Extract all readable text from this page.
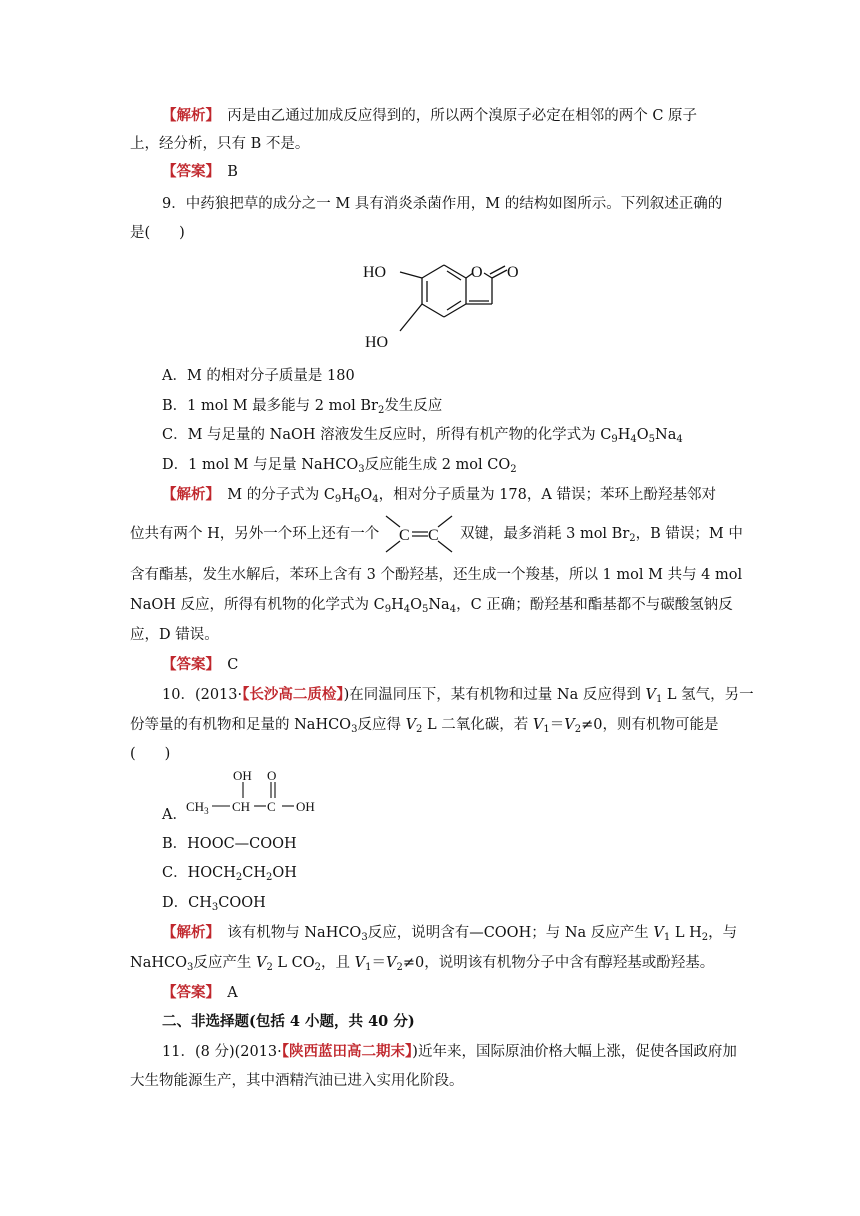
【 解析 】　 丙是由乙通过加成反应得到的，所以两个溴原子必定在相邻的两个 C 原子
上，经分析，只有 B 不是。
【 答案 】　 B
9．中药狼把草的成分之一 M 具有消炎杀菌作用，M 的结构如图所示。下列叙述正确的
是(　　)
HO
HO
O O
A．M 的相对分子质量是 180
B．1 mol M 最多能与 2 mol $Br_2$发生反应
C．M 与足量的 NaOH 溶液发生反应时，所得有机产物的化学式为 $C_9H_4O_5Na_4$
D．1 mol M 与足量 NaHCO$_3$反应能生成 2 mol $CO_2$
【 解析 】　 M 的分子式为 $C_9H_6O_4$，相对分子质量为 178，A 错误；苯环上酚羟基邻对
位共有两个 H，另外一个环上还有一个 C C 双键，最多消耗 3 mol $Br_2$，B 错误；M 中
含有酯基，发生水解后，苯环上含有 3 个酚羟基，还生成一个羧基，所以 1 mol M 共与 4 mol
NaOH 反应，所得有机物的化学式为 $C_9H_4O_5Na_4$，C 正确；酚羟基和酯基都不与碳酸氢钠反
应，D 错误。
【 答案 】　 C
10．(2013· 【 长沙高二质检 】 )在同温同压下，某有机物和过量 Na 反应得到 $V_1$ L 氢气，另一
份等量的有机物和足量的 NaHCO$_3$反应得 $V_2$ L 二氧化碳，若 $V_1=V_2\ne 0$，则有机物可能是
(　　)
A．
OH O
$CH_3$ CH C OH
B．HOOC—COOH
C．$HOCH_2CH_2OH$
D．$CH_3COOH$
【 解析 】　 该有机物与 NaHCO$_3$反应，说明含有—COOH；与 Na 反应产生 $V_1$ L $H_2$，与
NaHCO$_3$反应产生 $V_2$ L $CO_2$，且 $V_1=V_2\ne 0$，说明该有机物分子中含有醇羟基或酚羟基。
【 答案 】　 A
二、非选择题(包括 4 小题，共 40 分)
11．(8 分)(2013· 【 陕西蓝田高二期末 】 )近年来，国际原油价格大幅上涨，促使各国政府加
大生物能源生产，其中酒精汽油已进入实用化阶段。
